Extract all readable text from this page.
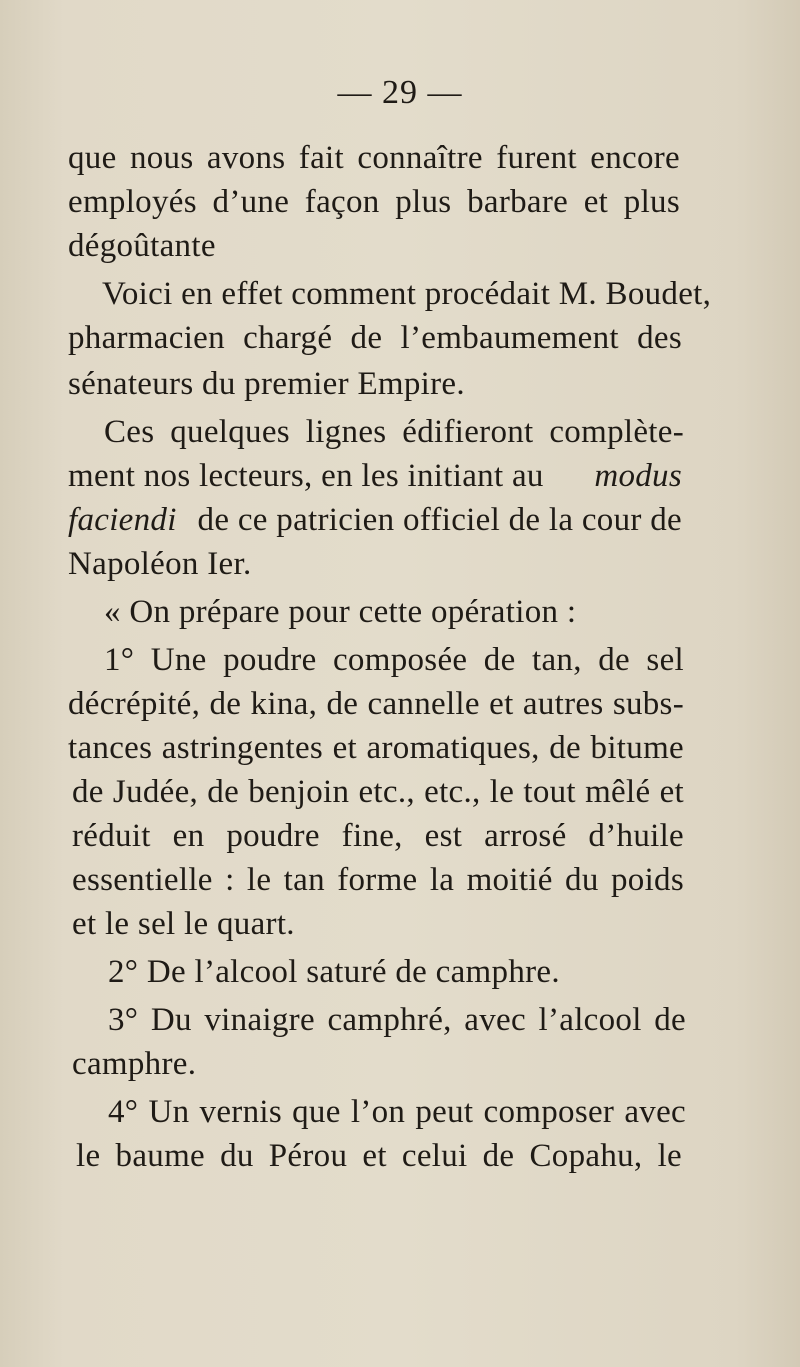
— 29 —
que nous avons fait connaître furent encore
employés d’une façon plus barbare et plus
dégoûtante
Voici en effet comment procédait M. Boudet,
pharmacien chargé de l’embaumement des
sénateurs du premier Empire.
Ces quelques lignes édifieront complète-
ment nos lecteurs, en les initiant au modus
faciendi de ce patricien officiel de la cour de
Napoléon Ier.
« On prépare pour cette opération :
1° Une poudre composée de tan, de sel
décrépité, de kina, de cannelle et autres subs-
tances astringentes et aromatiques, de bitume
de Judée, de benjoin etc., etc., le tout mêlé et
réduit en poudre fine, est arrosé d’huile
essentielle : le tan forme la moitié du poids
et le sel le quart.
2° De l’alcool saturé de camphre.
3° Du vinaigre camphré, avec l’alcool de
camphre.
4° Un vernis que l’on peut composer avec
le baume du Pérou et celui de Copahu, le
